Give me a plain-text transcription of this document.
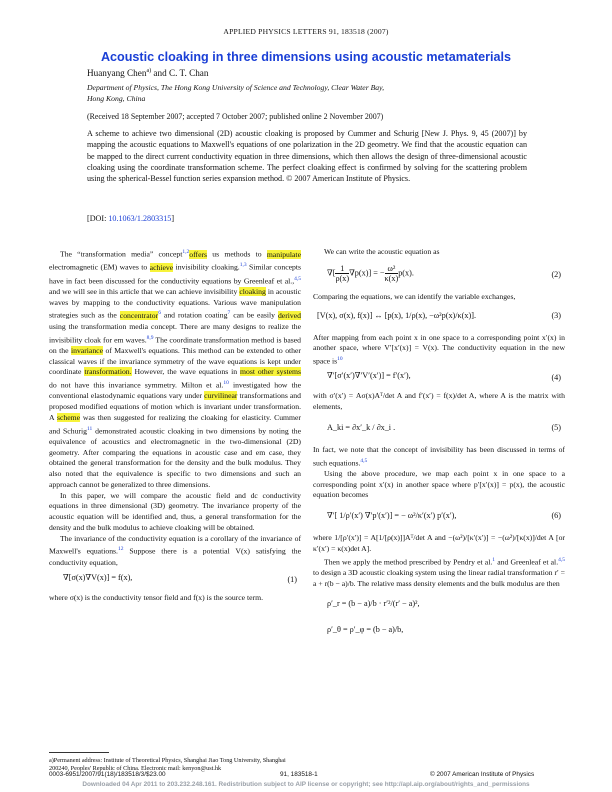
APPLIED PHYSICS LETTERS 91, 183518 (2007)
Acoustic cloaking in three dimensions using acoustic metamaterials
Huanyang Chen$^{a)}$ and C. T. Chan
Department of Physics, The Hong Kong University of Science and Technology, Clear Water Bay,
Hong Kong, China
(Received 18 September 2007; accepted 7 October 2007; published online 2 November 2007)
A scheme to achieve two dimensional (2D) acoustic cloaking is proposed by Cummer and Schurig [New J. Phys. 9, 45 (2007)] by mapping the acoustic equations to Maxwell's equations of one polarization in the 2D geometry. We find that the acoustic equation can be mapped to the direct current conductivity equation in three dimensions, which then allows the design of three-dimensional acoustic cloaking using the coordinate transformation scheme. The perfect cloaking effect is confirmed by solving for the scattering problem using the spherical-Bessel function series expansion method. © 2007 American Institute of Physics.
[DOI: 10.1063/1.2803315]

The “transformation media” concept$^{1,2}$offers us methods to manipulate electromagnetic (EM) waves to achieve invisibility cloaking.$^{1,3}$ Similar concepts have in fact been discussed for the conductivity equations by Greenleaf et al.,$^{4,5}$ and we will see in this article that we can achieve invisibility cloaking in acoustic waves by mapping to the conductivity equations. Various wave manipulation strategies such as the concentrator$^6$ and rotation coating$^7$ can be easily derived using the transformation media concept. There are many designs to realize the invisibility cloak for em waves.$^{8,9}$ The coordinate transformation method is based on the invariance of Maxwell's equations. This method can be extended to other classical waves if the invariance symmetry of the wave equations is kept under coordinate transformation. However, the wave equations in most other systems do not have this invariance symmetry. Milton et al.$^{10}$ investigated how the conventional elastodynamic equations vary under curvilinear transformations and proposed modified equations of motion which is invariant under transformation. A scheme was then suggested for realizing the cloaking for elasticity. Cummer and Schurig$^{11}$ demonstrated acoustic cloaking in two dimensions by noting the equivalence of acoustics and electromagnetic in the two-dimensional (2D) geometry. After comparing the equations in acoustic case and em case, they obtained the general transformation for the density and the bulk modulus. They also noted that the equivalence is specific to two dimensions and such an approach cannot be generalized to three dimensions.

In this paper, we will compare the acoustic field and dc conductivity equations in three dimensional (3D) geometry. The invariance property of the acoustic equation will be identified and, thus, a general transformation for the density and the bulk modulus to achieve cloaking will be obtained.

The invariance of the conductivity equation is a corollary of the invariance of Maxwell's equations.$^{12}$ Suppose there is a potential V(x) satisfying the conductivity equation,

∇[σ(x)∇V(x)] = f(x),	(1)

where σ(x) is the conductivity tensor field and f(x) is the source term.

a)Permanent address: Institute of Theoretical Physics, Shanghai Jiao Tong University, Shanghai 200240, Peoples' Republic of China. Electronic mail: kenyon@ust.hk

We can write the acoustic equation as

∇[ $\frac{1}{\rho(x)} \nabla p(x)$] = − $\frac{\text{ω²}}{\kappa(x)} p(x)$.	(2)

Comparing the equations, we can identify the variable exchanges,

[V(x), σ(x), f(x)] ↔ [p(x), 1/ρ(x), −ω²p(x)/κ(x)].	(3)

After mapping from each point x in one space to a corresponding point x′(x) in another space, where V′[x′(x)] = V(x). The conductivity equation in the new space is$^{10}$

∇′[σ′(x′)∇′V′(x′)] = f′(x′),	(4)

with σ′(x′) = Aσ(x)Aᵀ/det A and f′(x′) = f(x)/det A, where A is the matrix with elements,

A_ki = ∂x′_k / ∂x_i .	(5)

In fact, we note that the concept of invisibility has been discussed in terms of such equations.$^{4,5}$

Using the above procedure, we map each point x in one space to a corresponding point x′(x) in another space where p′[x′(x)] = p(x), the acoustic equation becomes

∇′[ 1/ρ′(x′) ∇′p′(x′)] = − ω²/κ′(x′) p′(x′),	(6)

where 1/[ρ′(x′)] = A[1/[ρ(x)]]Aᵀ/det A and −(ω²)/[κ′(x′)] = −(ω²)/[κ(x)]/det A [or κ′(x′) = κ(x)det A].

Then we apply the method prescribed by Pendry et al.$^1$ and Greenleaf et al.$^{4,5}$ to design a 3D acoustic cloaking system using the linear radial transformation r′ = a + r(b − a)/b. The relative mass density elements and the bulk modulus are then

ρ′_r = (b − a)/b · r′²/(r′ − a)²,
ρ′_θ = ρ′_φ = (b − a)/b,
0003-6951/2007/91(18)/183518/3/$23.00	91, 183518-1	© 2007 American Institute of Physics
Downloaded 04 Apr 2011 to 203.232.248.161. Redistribution subject to AIP license or copyright; see http://apl.aip.org/about/rights_and_permissions
